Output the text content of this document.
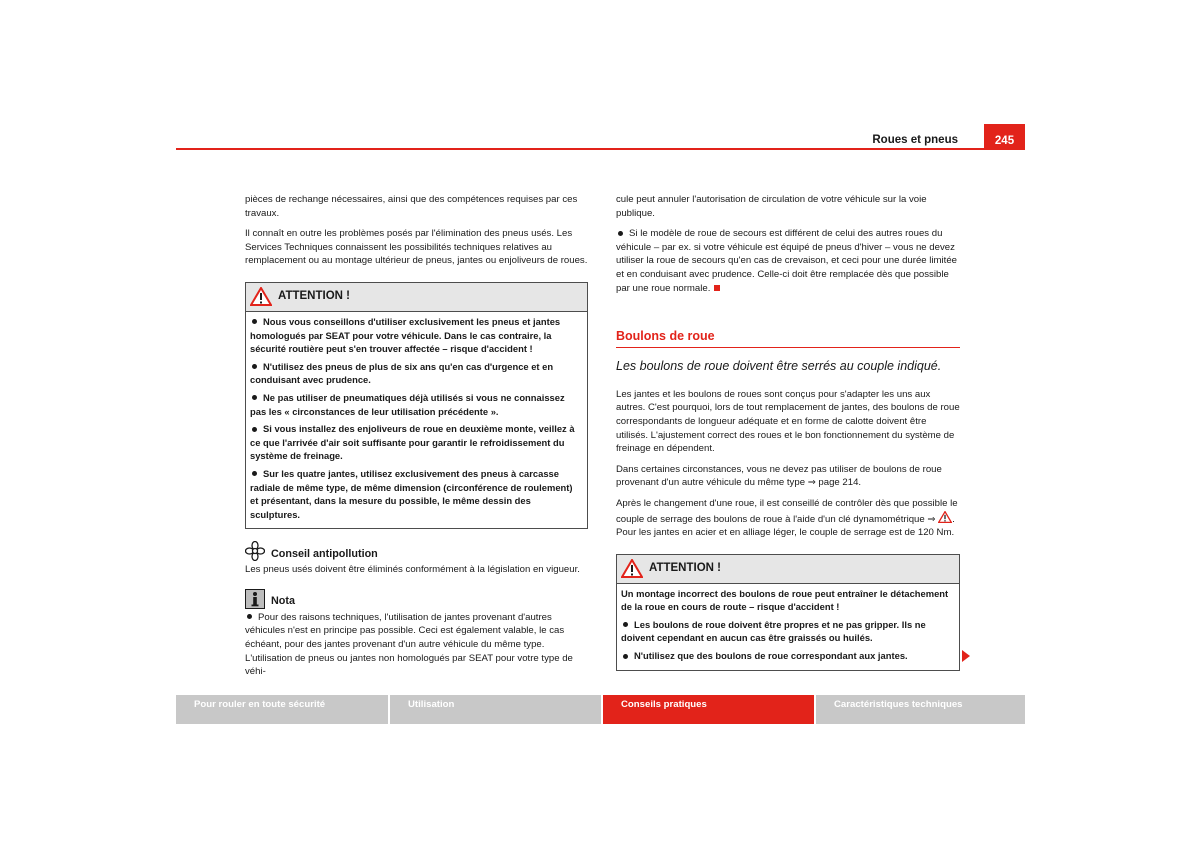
Roues et pneus	245

pièces de rechange nécessaires, ainsi que des compétences requises par ces travaux.

Il connaît en outre les problèmes posés par l'élimination des pneus usés. Les Services Techniques connaissent les possibilités techniques relatives au remplacement ou au montage ultérieur de pneus, jantes ou enjoliveurs de roues.

ATTENTION !

Nous vous conseillons d'utiliser exclusivement les pneus et jantes homologués par SEAT pour votre véhicule. Dans le cas contraire, la sécurité routière peut s'en trouver affectée – risque d'accident !

N'utilisez des pneus de plus de six ans qu'en cas d'urgence et en conduisant avec prudence.

Ne pas utiliser de pneumatiques déjà utilisés si vous ne connaissez pas les « circonstances de leur utilisation précédente ».

Si vous installez des enjoliveurs de roue en deuxième monte, veillez à ce que l'arrivée d'air soit suffisante pour garantir le refroidissement du système de freinage.

Sur les quatre jantes, utilisez exclusivement des pneus à carcasse radiale de même type, de même dimension (circonférence de roulement) et présentant, dans la mesure du possible, le même dessin des sculptures.

Conseil antipollution

Les pneus usés doivent être éliminés conformément à la législation en vigueur.

Nota

Pour des raisons techniques, l'utilisation de jantes provenant d'autres véhicules n'est en principe pas possible. Ceci est également valable, le cas échéant, pour des jantes provenant d'un autre véhicule du même type. L'utilisation de pneus ou jantes non homologués par SEAT pour votre type de véhi-

cule peut annuler l'autorisation de circulation de votre véhicule sur la voie publique.

Si le modèle de roue de secours est différent de celui des autres roues du véhicule – par ex. si votre véhicule est équipé de pneus d'hiver – vous ne devez utiliser la roue de secours qu'en cas de crevaison, et ceci pour une durée limitée et en conduisant avec prudence. Celle-ci doit être remplacée dès que possible par une roue normale.

Boulons de roue
Les boulons de roue doivent être serrés au couple indiqué.

Les jantes et les boulons de roues sont conçus pour s'adapter les uns aux autres. C'est pourquoi, lors de tout remplacement de jantes, des boulons de roue correspondants de longueur adéquate et en forme de calotte doivent être utilisés. L'ajustement correct des roues et le bon fonctionnement du système de freinage en dépendent.

Dans certaines circonstances, vous ne devez pas utiliser de boulons de roue provenant d'un autre véhicule du même type ⇒ page 214.

Après le changement d'une roue, il est conseillé de contrôler dès que possible le couple de serrage des boulons de roue à l'aide d'un clé dynamométrique ⇒ . Pour les jantes en acier et en alliage léger, le couple de serrage est de 120 Nm.

ATTENTION !

Un montage incorrect des boulons de roue peut entraîner le détachement de la roue en cours de route – risque d'accident !

Les boulons de roue doivent être propres et ne pas gripper. Ils ne doivent cependant en aucun cas être graissés ou huilés.

N'utilisez que des boulons de roue correspondant aux jantes.

Pour rouler en toute sécurité	Utilisation	Conseils pratiques	Caractéristiques techniques
